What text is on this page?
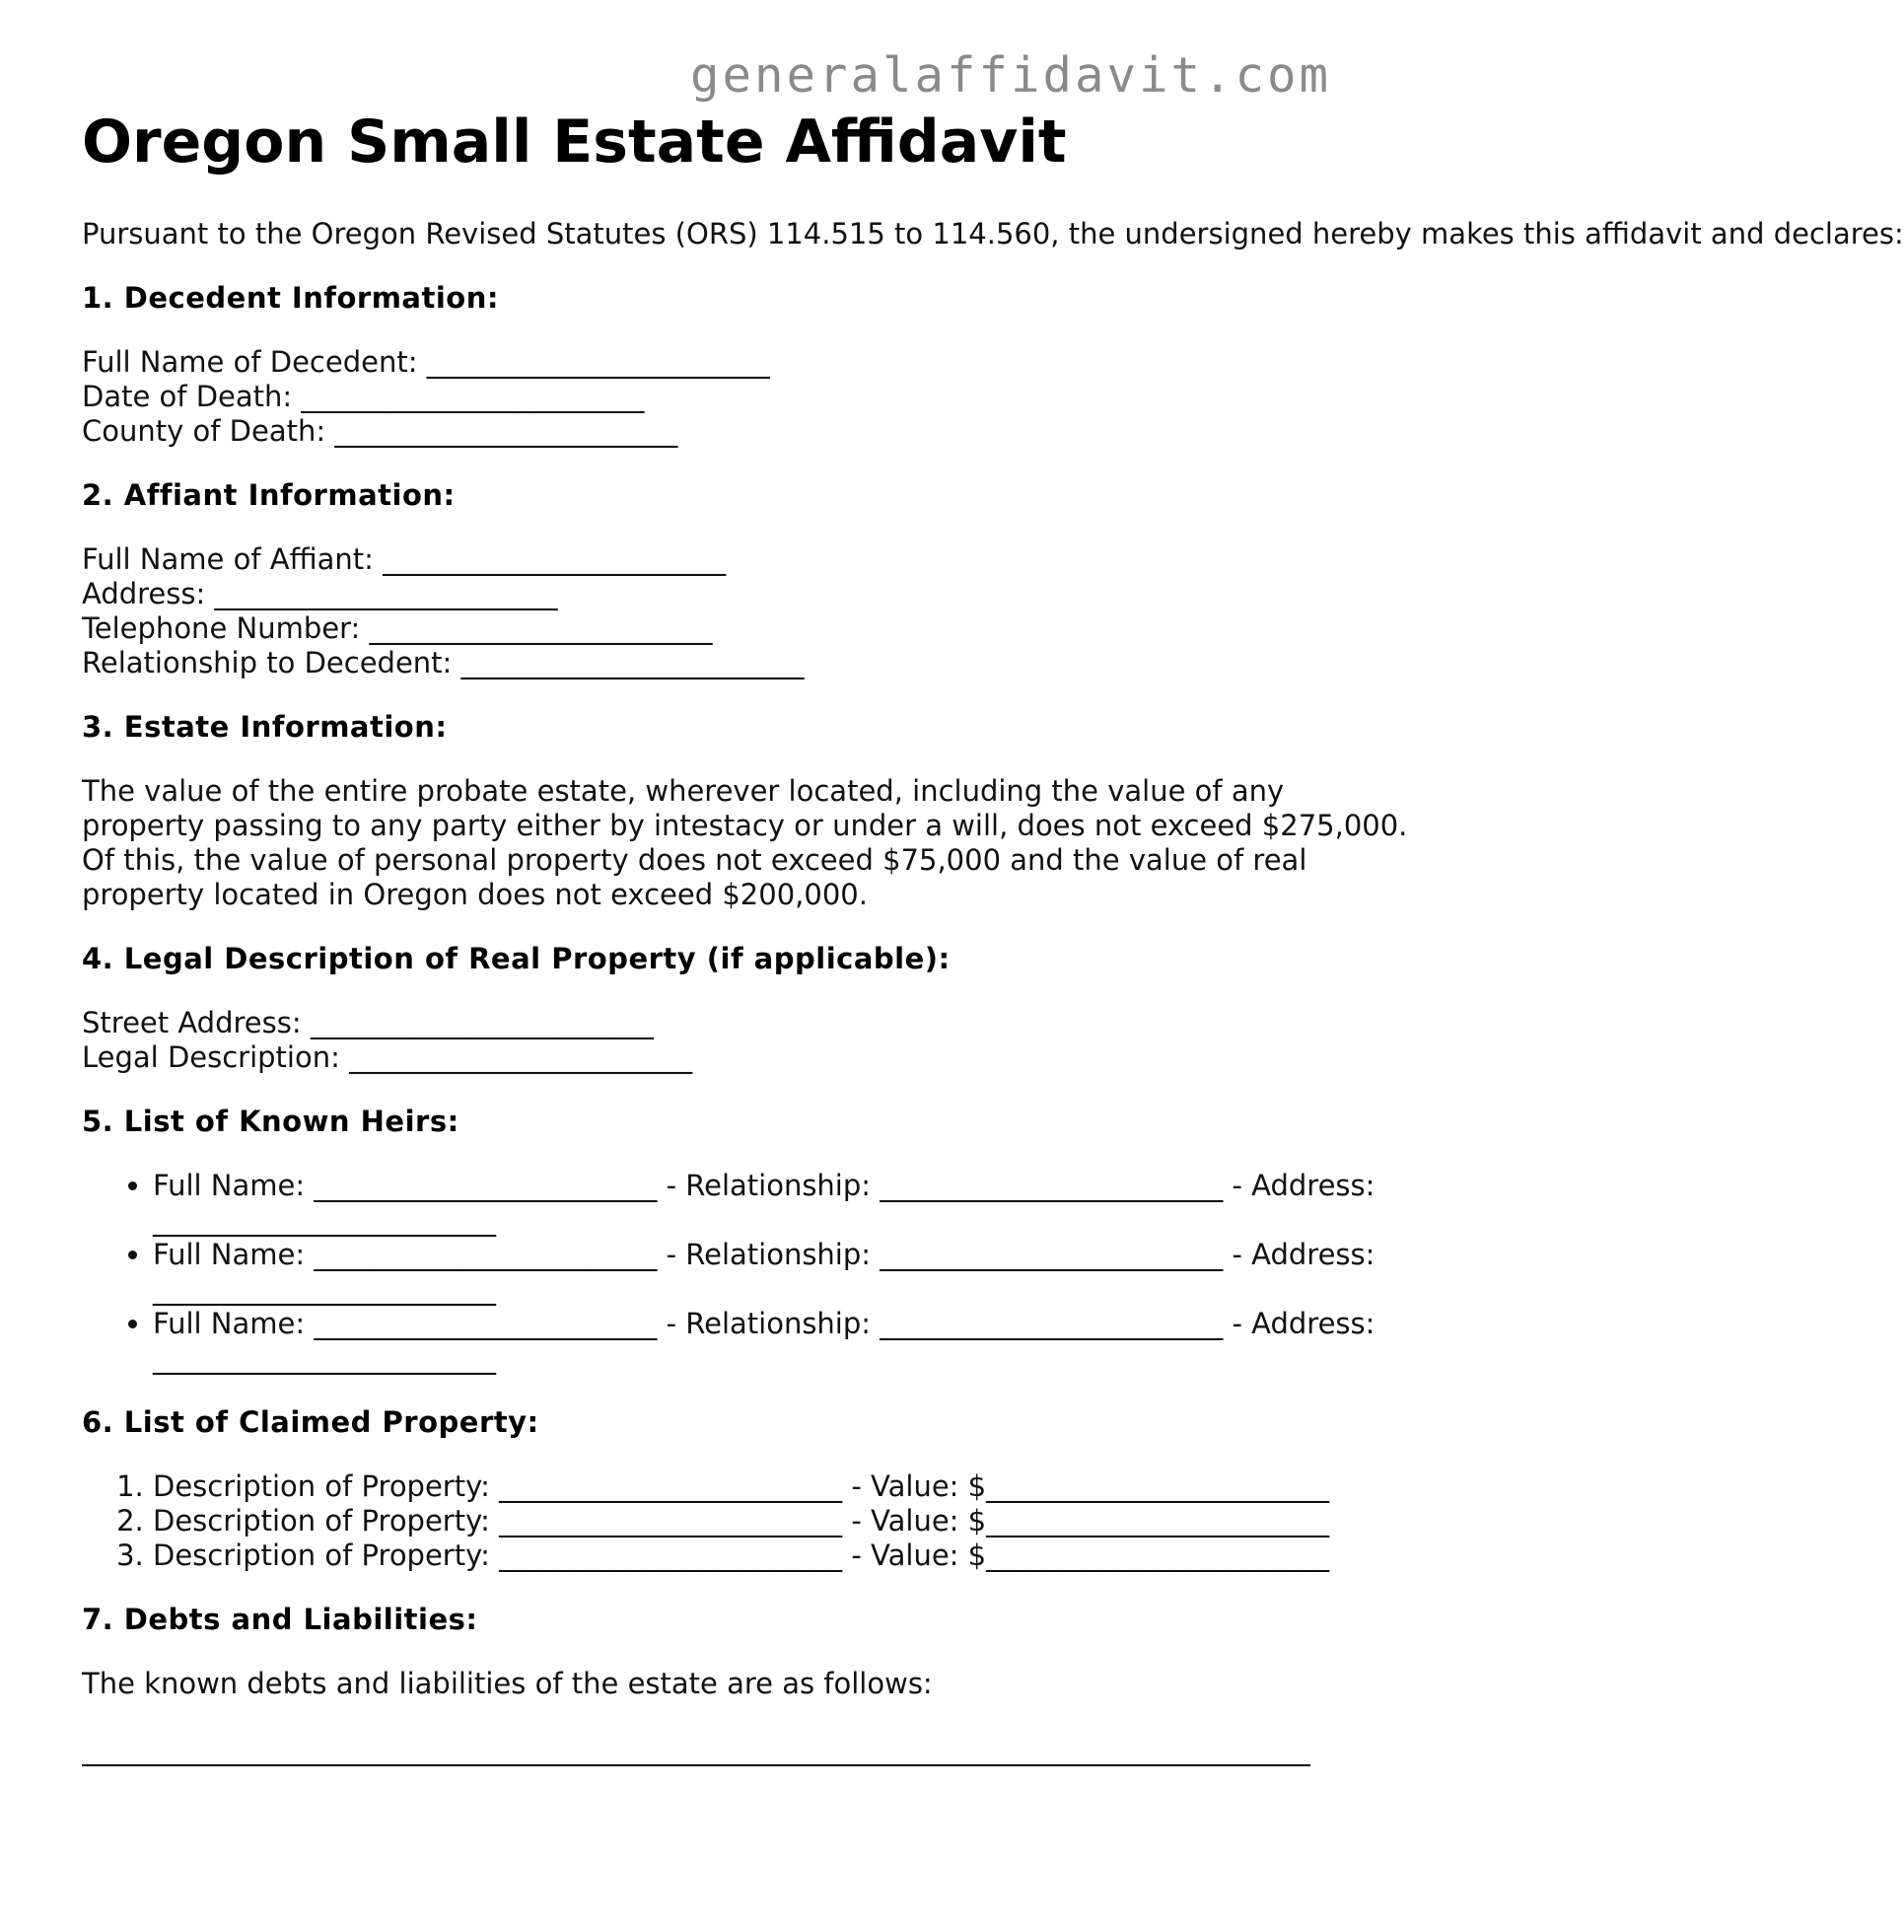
generalaffidavit.com
Oregon Small Estate Affidavit

Pursuant to the Oregon Revised Statutes (ORS) 114.515 to 114.560, the undersigned hereby makes this affidavit and declares:

1. Decedent Information:
Full Name of Decedent: ________________________
Date of Death: ________________________
County of Death: ________________________
2. Affiant Information:
Full Name of Affiant: ________________________
Address: ________________________
Telephone Number: ________________________
Relationship to Decedent: ________________________
3. Estate Information:

The value of the entire probate estate, wherever located, including the value of any property passing to any party either by intestacy or under a will, does not exceed $275,000. Of this, the value of personal property does not exceed $75,000 and the value of real property located in Oregon does not exceed $200,000.

4. Legal Description of Real Property (if applicable):
Street Address: ________________________
Legal Description: ________________________
5. List of Known Heirs:
• Full Name: ________________________ - Relationship: ________________________ - Address: ________________________
• Full Name: ________________________ - Relationship: ________________________ - Address: ________________________
• Full Name: ________________________ - Relationship: ________________________ - Address: ________________________
6. List of Claimed Property:
1. Description of Property: ________________________ - Value: $________________________
2. Description of Property: ________________________ - Value: $________________________
3. Description of Property: ________________________ - Value: $________________________
7. Debts and Liabilities:

The known debts and liabilities of the estate are as follows:
